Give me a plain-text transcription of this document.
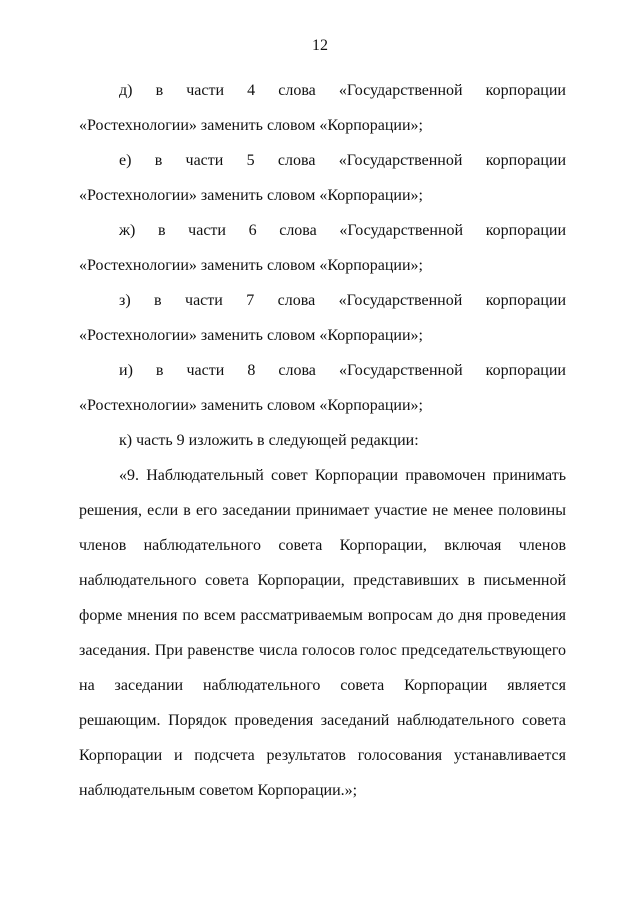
12

д) в части 4 слова «Государственной корпорации «Ростехнологии» заменить словом «Корпорации»;

е) в части 5 слова «Государственной корпорации «Ростехнологии» заменить словом «Корпорации»;

ж) в части 6 слова «Государственной корпорации «Ростехнологии» заменить словом «Корпорации»;

з) в части 7 слова «Государственной корпорации «Ростехнологии» заменить словом «Корпорации»;

и) в части 8 слова «Государственной корпорации «Ростехнологии» заменить словом «Корпорации»;

к) часть 9 изложить в следующей редакции:

«9. Наблюдательный совет Корпорации правомочен принимать решения, если в его заседании принимает участие не менее половины членов наблюдательного совета Корпорации, включая членов наблюдательного совета Корпорации, представивших в письменной форме мнения по всем рассматриваемым вопросам до дня проведения заседания. При равенстве числа голосов голос председательствующего на заседании наблюдательного совета Корпорации является решающим. Порядок проведения заседаний наблюдательного совета Корпорации и подсчета результатов голосования устанавливается наблюдательным советом Корпорации.»;
